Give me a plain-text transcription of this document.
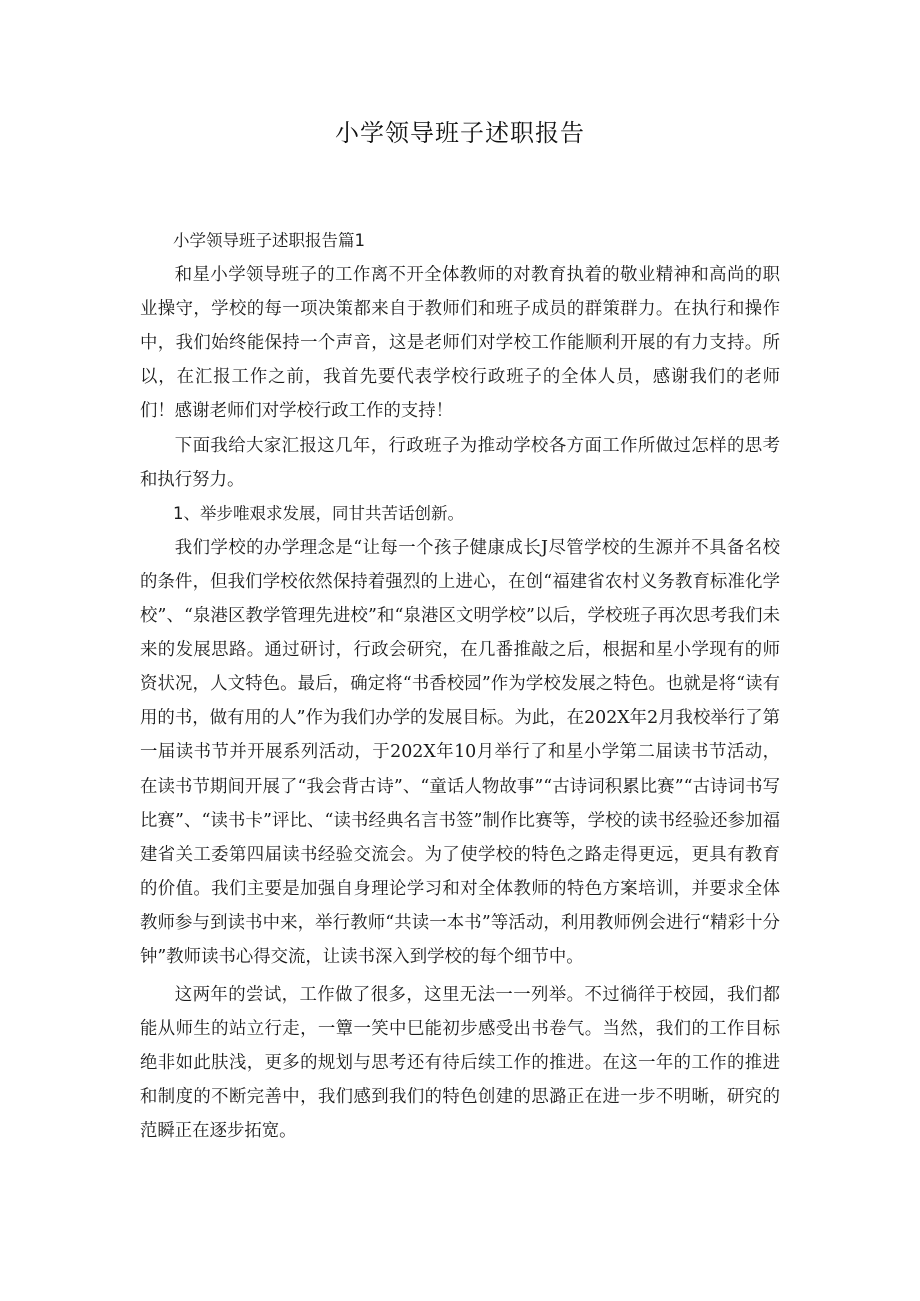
小学领导班子述职报告

小学领导班子述职报告篇1

和星小学领导班子的工作离不开全体教师的对教育执着的敬业精神和高尚的职业操守，学校的每一项决策都来自于教师们和班子成员的群策群力。在执行和操作中，我们始终能保持一个声音，这是老师们对学校工作能顺利开展的有力支持。所以，在汇报工作之前，我首先要代表学校行政班子的全体人员，感谢我们的老师们！感谢老师们对学校行政工作的支持！

下面我给大家汇报这几年，行政班子为推动学校各方面工作所做过怎样的思考和执行努力。

1、举步唯艰求发展，同甘共苦话创新。

我们学校的办学理念是“让每一个孩子健康成长J尽管学校的生源并不具备名校的条件，但我们学校依然保持着强烈的上进心，在创“福建省农村义务教育标准化学校”、“泉港区教学管理先进校”和“泉港区文明学校”以后，学校班子再次思考我们未来的发展思路。通过研讨，行政会研究，在几番推敲之后，根据和星小学现有的师资状况，人文特色。最后，确定将“书香校园”作为学校发展之特色。也就是将“读有用的书，做有用的人”作为我们办学的发展目标。为此，在202X年2月我校举行了第一届读书节并开展系列活动，于202X年10月举行了和星小学第二届读书节活动，在读书节期间开展了“我会背古诗”、“童话人物故事”“古诗词积累比赛”“古诗词书写比赛”、“读书卡”评比、“读书经典名言书签”制作比赛等，学校的读书经验还参加福建省关工委第四届读书经验交流会。为了使学校的特色之路走得更远，更具有教育的价值。我们主要是加强自身理论学习和对全体教师的特色方案培训，并要求全体教师参与到读书中来，举行教师“共读一本书”等活动，利用教师例会进行“精彩十分钟”教师读书心得交流，让读书深入到学校的每个细节中。

这两年的尝试，工作做了很多，这里无法一一列举。不过徜徉于校园，我们都能从师生的站立行走，一簟一笑中巳能初步感受出书卷气。当然，我们的工作目标绝非如此肤浅，更多的规划与思考还有待后续工作的推进。在这一年的工作的推进和制度的不断完善中，我们感到我们的特色创建的思潞正在进一步不明晰，研究的范瞬正在逐步拓宽。
